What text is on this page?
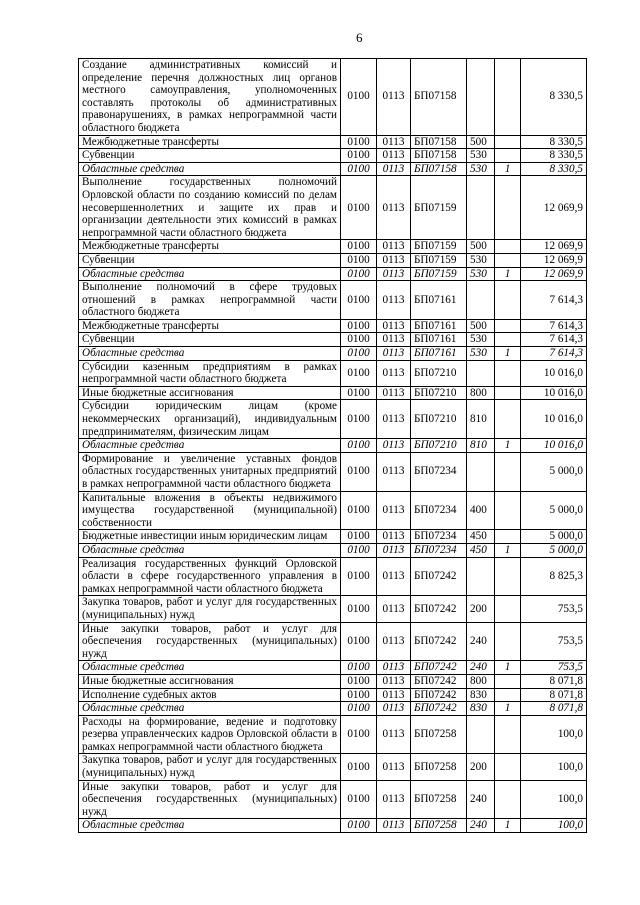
6
Создание административных комиссий и определение перечня должностных лиц органов местного самоуправления, уполномоченных составлять протоколы об административных правонарушениях, в рамках непрограммной части областного бюджета	0100	0113	БП07158			8 330,5
Межбюджетные трансферты	0100	0113	БП07158	500		8 330,5
Субвенции	0100	0113	БП07158	530		8 330,5
Областные средства	0100	0113	БП07158	530	1	8 330,5
Выполнение государственных полномочий Орловской области по созданию комиссий по делам несовершеннолетних и защите их прав и организации деятельности этих комиссий в рамках непрограммной части областного бюджета	0100	0113	БП07159			12 069,9
Межбюджетные трансферты	0100	0113	БП07159	500		12 069,9
Субвенции	0100	0113	БП07159	530		12 069,9
Областные средства	0100	0113	БП07159	530	1	12 069,9
Выполнение полномочий в сфере трудовых отношений в рамках непрограммной части областного бюджета	0100	0113	БП07161			7 614,3
Межбюджетные трансферты	0100	0113	БП07161	500		7 614,3
Субвенции	0100	0113	БП07161	530		7 614,3
Областные средства	0100	0113	БП07161	530	1	7 614,3
Субсидии казенным предприятиям в рамках непрограммной части областного бюджета	0100	0113	БП07210			10 016,0
Иные бюджетные ассигнования	0100	0113	БП07210	800		10 016,0
Субсидии юридическим лицам (кроме некоммерческих организаций), индивидуальным предпринимателям, физическим лицам	0100	0113	БП07210	810		10 016,0
Областные средства	0100	0113	БП07210	810	1	10 016,0
Формирование и увеличение уставных фондов областных государственных унитарных предприятий в рамках непрограммной части областного бюджета	0100	0113	БП07234			5 000,0
Капитальные вложения в объекты недвижимого имущества государственной (муниципальной) собственности	0100	0113	БП07234	400		5 000,0
Бюджетные инвестиции иным юридическим лицам	0100	0113	БП07234	450		5 000,0
Областные средства	0100	0113	БП07234	450	1	5 000,0
Реализация государственных функций Орловской области в сфере государственного управления в рамках непрограммной части областного бюджета	0100	0113	БП07242			8 825,3
Закупка товаров, работ и услуг для государственных (муниципальных) нужд	0100	0113	БП07242	200		753,5
Иные закупки товаров, работ и услуг для обеспечения государственных (муниципальных) нужд	0100	0113	БП07242	240		753,5
Областные средства	0100	0113	БП07242	240	1	753,5
Иные бюджетные ассигнования	0100	0113	БП07242	800		8 071,8
Исполнение судебных актов	0100	0113	БП07242	830		8 071,8
Областные средства	0100	0113	БП07242	830	1	8 071,8
Расходы на формирование, ведение и подготовку резерва управленческих кадров Орловской области в рамках непрограммной части областного бюджета	0100	0113	БП07258			100,0
Закупка товаров, работ и услуг для государственных (муниципальных) нужд	0100	0113	БП07258	200		100,0
Иные закупки товаров, работ и услуг для обеспечения государственных (муниципальных) нужд	0100	0113	БП07258	240		100,0
Областные средства	0100	0113	БП07258	240	1	100,0
